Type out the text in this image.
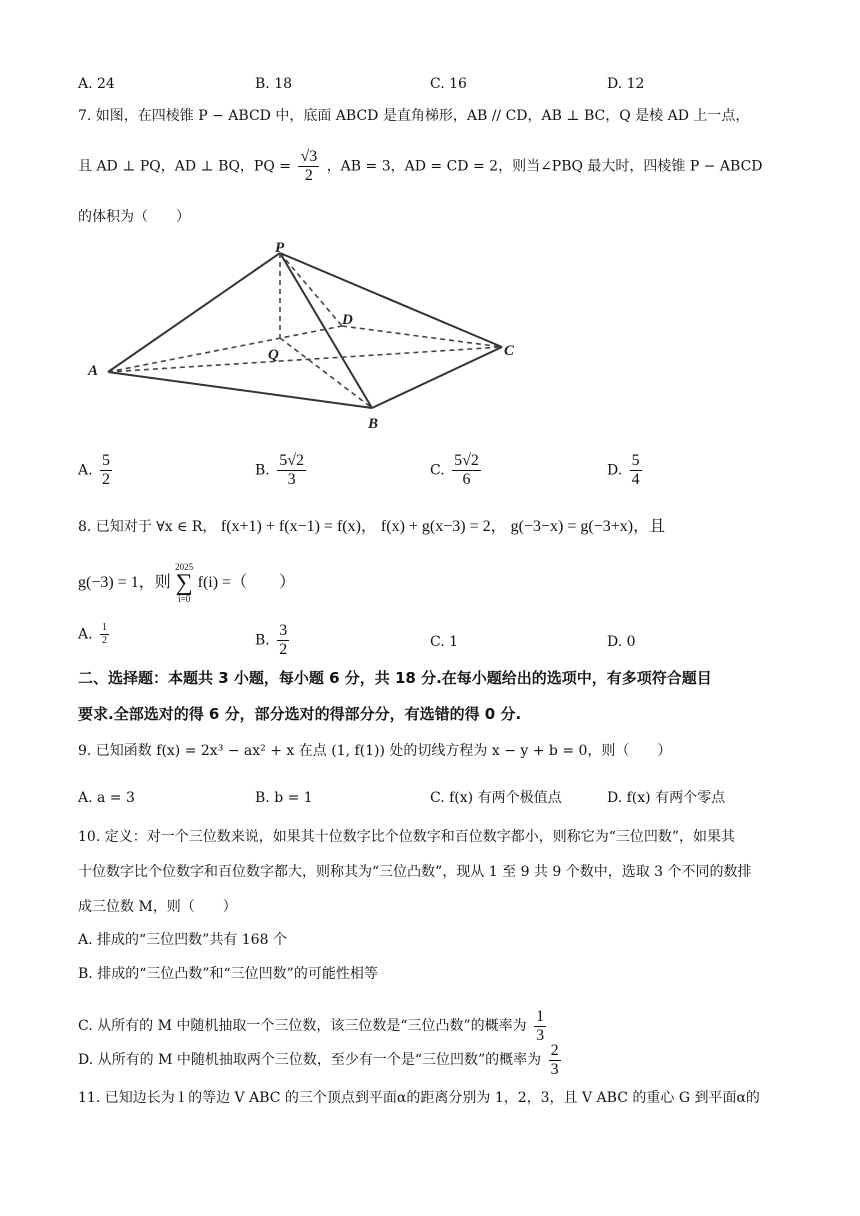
A. 24	B. 18	C. 16	D. 12
7. 如图，在四棱锥 P − ABCD 中，底面 ABCD 是直角梯形，AB // CD，AB ⊥ BC，Q 是棱 AD 上一点，
且 AD ⊥ PQ，AD ⊥ BQ，PQ = $\frac{√3}{2}$ ，AB = 3，AD = CD = 2，则当∠PBQ 最大时，四棱锥 P − ABCD
的体积为（　　）
P
A
B
C
D
Q
A. $\frac{5}{2}$	B. $\frac{5√2}{3}$	C. $\frac{5√2}{6}$	D. $\frac{5}{4}$
8. 已知对于 ∀x ∈ R， f(x+1) + f(x−1) = f(x)， f(x) + g(x−3) = 2， g(−3−x) = g(−3+x)，且
g(−3) = 1，则
2025
∑
i=0
f(i) =（　　）
A. $\frac{1}{2}$	B. $\frac{3}{2}$	C. 1	D. 0
二、选择题：本题共 3 小题，每小题 6 分，共 18 分.在每小题给出的选项中，有多项符合题目
要求.全部选对的得 6 分，部分选对的得部分分，有选错的得 0 分.
9. 已知函数 f(x) = 2x³ − ax² + x 在点 (1, f(1)) 处的切线方程为 x − y + b = 0，则（　　）
A. a = 3	B. b = 1	C. f(x) 有两个极值点	D. f(x) 有两个零点
10. 定义：对一个三位数来说，如果其十位数字比个位数字和百位数字都小，则称它为“三位凹数”，如果其
十位数字比个位数字和百位数字都大，则称其为“三位凸数”，现从 1 至 9 共 9 个数中，选取 3 个不同的数排
成三位数 M，则（　　）
A. 排成的“三位凹数”共有 168 个
B. 排成的“三位凸数”和“三位凹数”的可能性相等
C. 从所有的 M 中随机抽取一个三位数，该三位数是“三位凸数”的概率为 $\frac{1}{3}$
D. 从所有的 M 中随机抽取两个三位数，至少有一个是“三位凹数”的概率为 $\frac{2}{3}$
11. 已知边长为 l 的等边 V ABC 的三个顶点到平面α的距离分别为 1，2，3，且 V ABC 的重心 G 到平面α的
